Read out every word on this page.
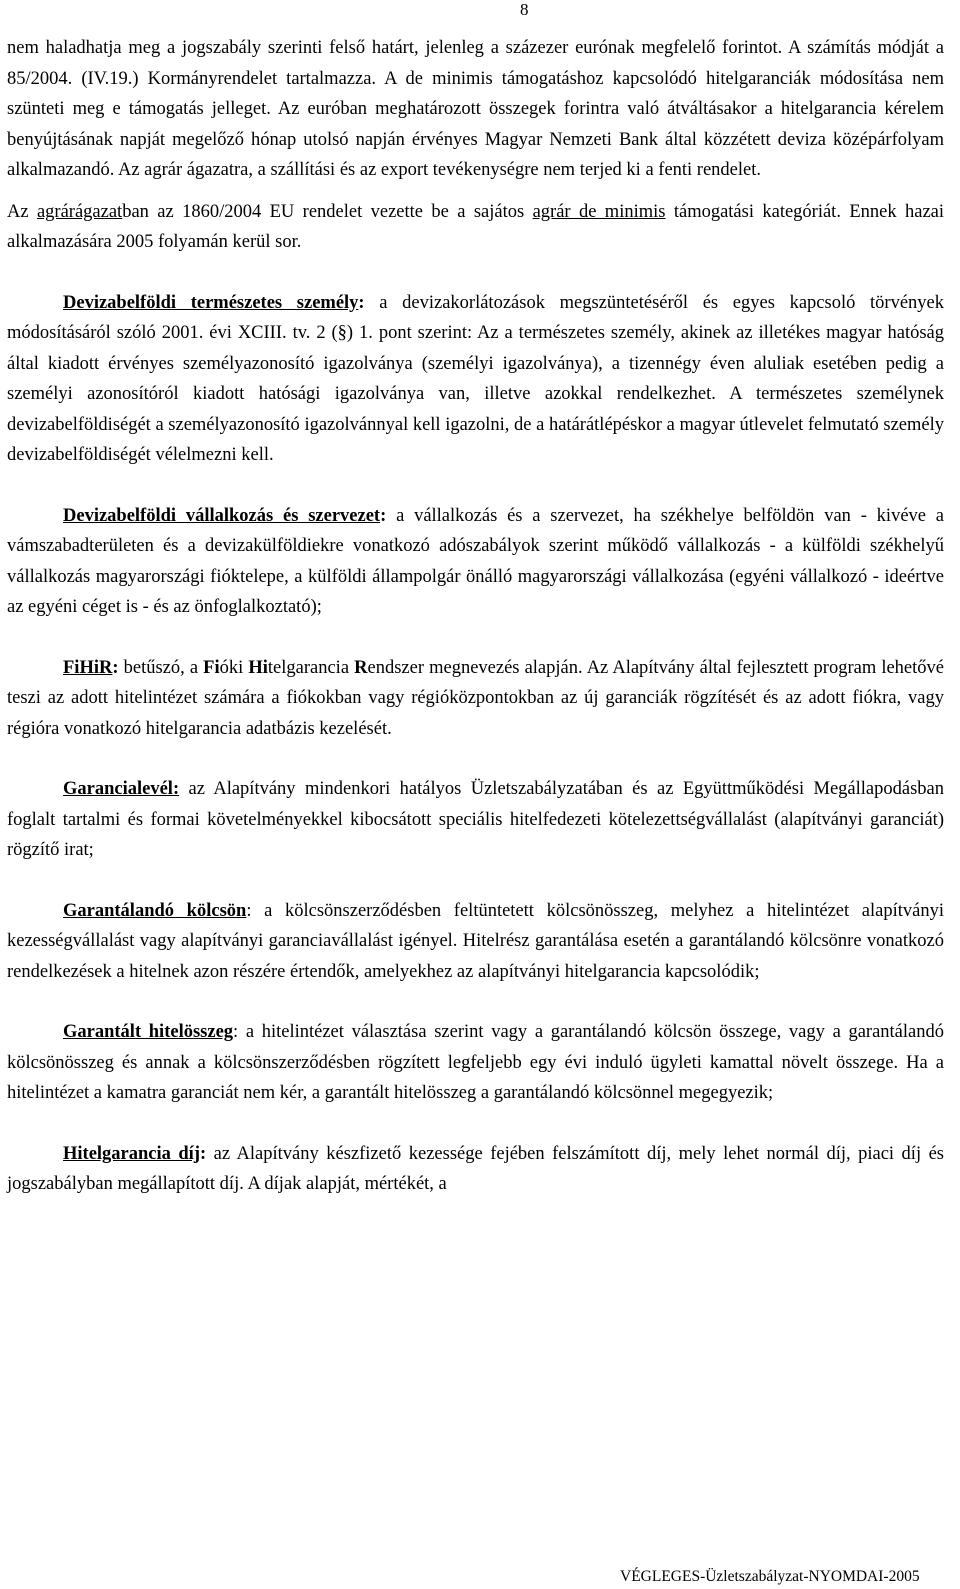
8

nem haladhatja meg a jogszabály szerinti felső határt, jelenleg a százezer eurónak megfelelő forintot. A számítás módját a 85/2004. (IV.19.) Kormányrendelet tartalmazza. A de minimis támogatáshoz kapcsolódó hitelgaranciák módosítása nem szünteti meg e támogatás jelleget. Az euróban meghatározott összegek forintra való átváltásakor a hitelgarancia kérelem benyújtásának napját megelőző hónap utolsó napján érvényes Magyar Nemzeti Bank által közzétett deviza középárfolyam alkalmazandó. Az agrár ágazatra, a szállítási és az export tevékenységre nem terjed ki a fenti rendelet.

Az agrárágazatban az 1860/2004 EU rendelet vezette be a sajátos agrár de minimis támogatási kategóriát. Ennek hazai alkalmazására 2005 folyamán kerül sor.

Devizabelföldi természetes személy: a devizakorlátozások megszüntetéséről és egyes kapcsoló törvények módosításáról szóló 2001. évi XCIII. tv. 2 (§) 1. pont szerint: Az a természetes személy, akinek az illetékes magyar hatóság által kiadott érvényes személyazonosító igazolványa (személyi igazolványa), a tizennégy éven aluliak esetében pedig a személyi azonosítóról kiadott hatósági igazolványa van, illetve azokkal rendelkezhet. A természetes személynek devizabelföldiségét a személyazonosító igazolvánnyal kell igazolni, de a határátlépéskor a magyar útlevelet felmutató személy devizabelföldiségét vélelmezni kell.

Devizabelföldi vállalkozás és szervezet: a vállalkozás és a szervezet, ha székhelye belföldön van - kivéve a vámszabadterületen és a devizakülföldiekre vonatkozó adószabályok szerint működő vállalkozás - a külföldi székhelyű vállalkozás magyarországi fióktelepe, a külföldi állampolgár önálló magyarországi vállalkozása (egyéni vállalkozó - ideértve az egyéni céget is - és az önfoglalkoztató);

FiHiR: betűszó, a Fióki Hitelgarancia Rendszer megnevezés alapján. Az Alapítvány által fejlesztett program lehetővé teszi az adott hitelintézet számára a fiókokban vagy régióközpontokban az új garanciák rögzítését és az adott fiókra, vagy régióra vonatkozó hitelgarancia adatbázis kezelését.

Garancialevél: az Alapítvány mindenkori hatályos Üzletszabályzatában és az Együttműködési Megállapodásban foglalt tartalmi és formai követelményekkel kibocsátott speciális hitelfedezeti kötelezettségvállalást (alapítványi garanciát) rögzítő irat;

Garantálandó kölcsön: a kölcsönszerződésben feltüntetett kölcsönösszeg, melyhez a hitelintézet alapítványi kezességvállalást vagy alapítványi garanciavállalást igényel. Hitelrész garantálása esetén a garantálandó kölcsönre vonatkozó rendelkezések a hitelnek azon részére értendők, amelyekhez az alapítványi hitelgarancia kapcsolódik;

Garantált hitelösszeg: a hitelintézet választása szerint vagy a garantálandó kölcsön összege, vagy a garantálandó kölcsönösszeg és annak a kölcsönszerződésben rögzített legfeljebb egy évi induló ügyleti kamattal növelt összege. Ha a hitelintézet a kamatra garanciát nem kér, a garantált hitelösszeg a garantálandó kölcsönnel megegyezik;

Hitelgarancia díj: az Alapítvány készfizető kezessége fejében felszámított díj, mely lehet normál díj, piaci díj és jogszabályban megállapított díj. A díjak alapját, mértékét, a

VÉGLEGES-Üzletszabályzat-NYOMDAI-2005
